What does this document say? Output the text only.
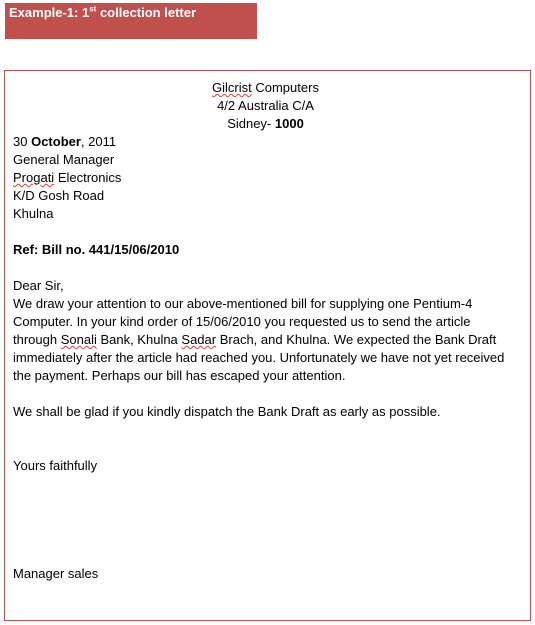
Example-1: 1st collection letter
Gilcrist Computers
4/2 Australia C/A
Sidney- 1000
30 October, 2011
General Manager
Progati Electronics
K/D Gosh Road
Khulna
Ref: Bill no. 441/15/06/2010
Dear Sir,
We draw your attention to our above-mentioned bill for supplying one Pentium-4 Computer. In your kind order of 15/06/2010 you requested us to send the article through Sonali Bank, Khulna Sadar Brach, and Khulna. We expected the Bank Draft immediately after the article had reached you. Unfortunately we have not yet received the payment. Perhaps our bill has escaped your attention.
We shall be glad if you kindly dispatch the Bank Draft as early as possible.
Yours faithfully
Manager sales
